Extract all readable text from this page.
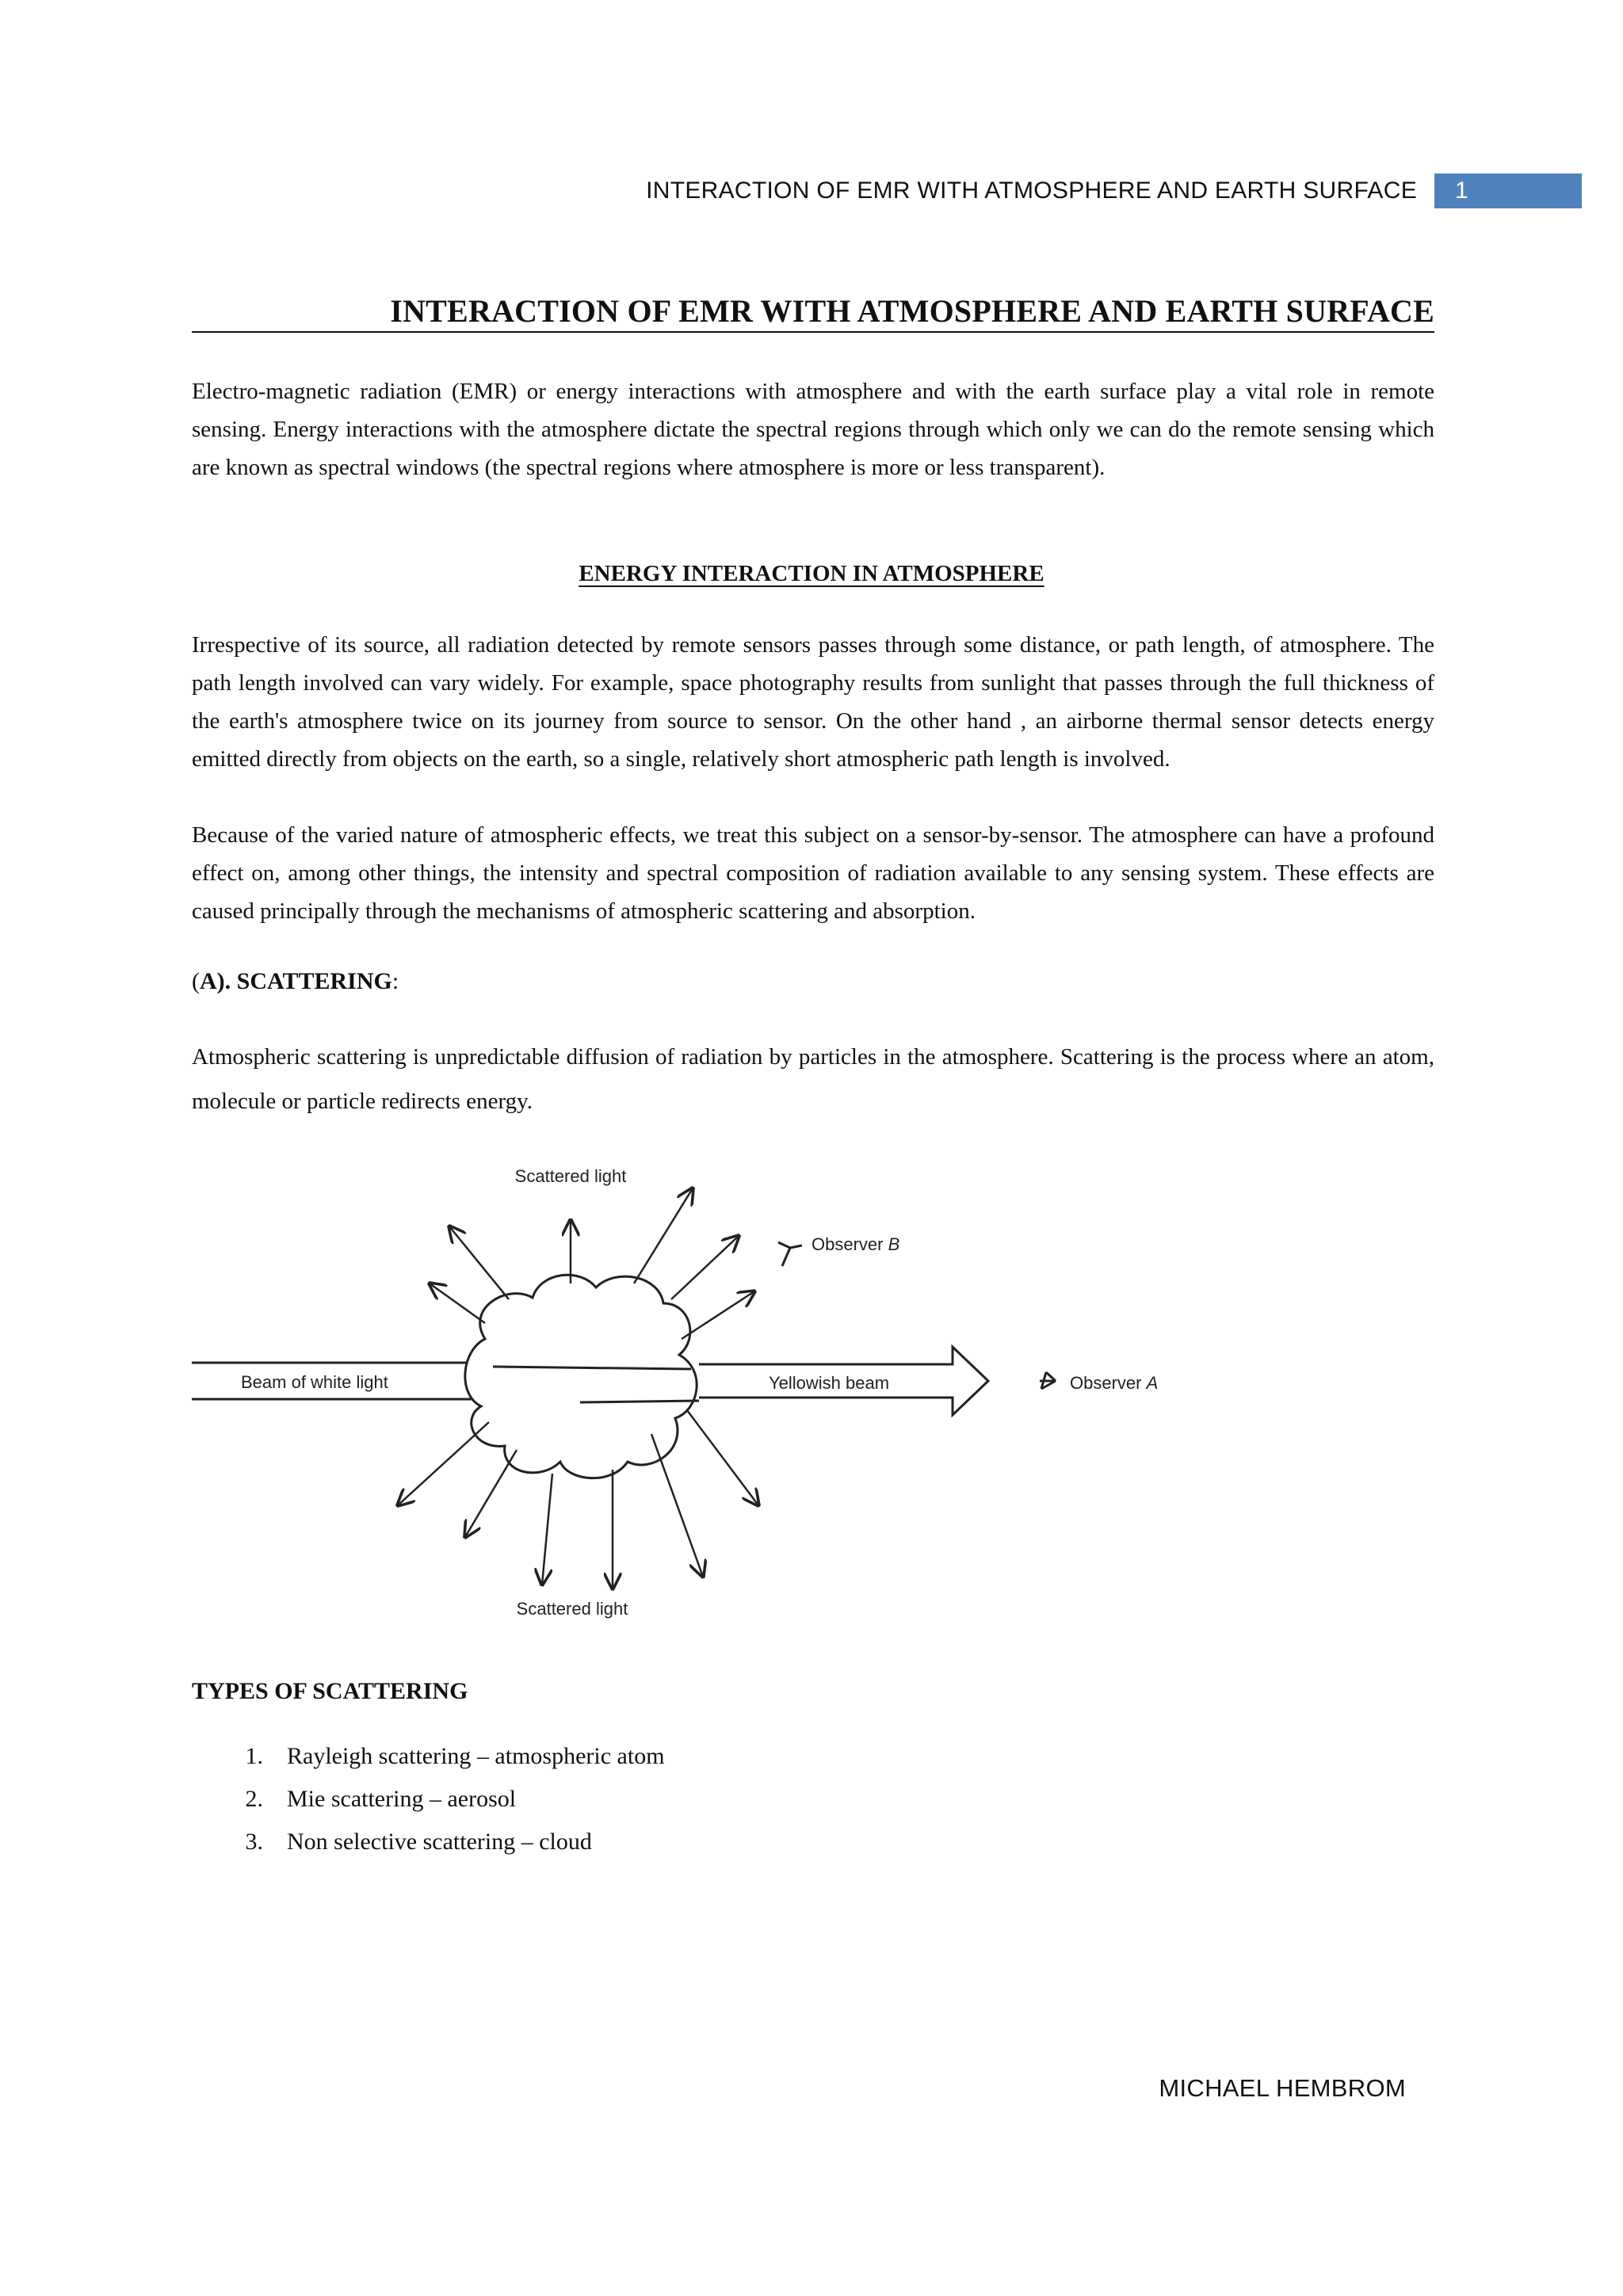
INTERACTION OF EMR WITH ATMOSPHERE AND EARTH SURFACE	1
INTERACTION OF EMR WITH ATMOSPHERE AND EARTH SURFACE

Electro-magnetic radiation (EMR) or energy interactions with atmosphere and with the earth surface play a vital role in remote sensing. Energy interactions with the atmosphere dictate the spectral regions through which only we can do the remote sensing which are known as spectral windows (the spectral regions where atmosphere is more or less transparent).

ENERGY INTERACTION IN ATMOSPHERE

Irrespective of its source, all radiation detected by remote sensors passes through some distance, or path length, of atmosphere. The path length involved can vary widely. For example, space photography results from sunlight that passes through the full thickness of the earth's atmosphere twice on its journey from source to sensor. On the other hand , an airborne thermal sensor detects energy emitted directly from objects on the earth, so a single, relatively short atmospheric path length is involved.

Because of the varied nature of atmospheric effects, we treat this subject on a sensor-by-sensor. The atmosphere can have a profound effect on, among other things, the intensity and spectral composition of radiation available to any sensing system. These effects are caused principally through the mechanisms of atmospheric scattering and absorption.

(A). SCATTERING:

Atmospheric scattering is unpredictable diffusion of radiation by particles in the atmosphere. Scattering is the process where an atom, molecule or particle redirects energy.

Scattered light
Observer B
Beam of white light	Yellowish beam	Observer A
Scattered light
TYPES OF SCATTERING
1.	Rayleigh scattering – atmospheric atom
2.	Mie scattering – aerosol
3.	Non selective scattering – cloud
MICHAEL HEMBROM
